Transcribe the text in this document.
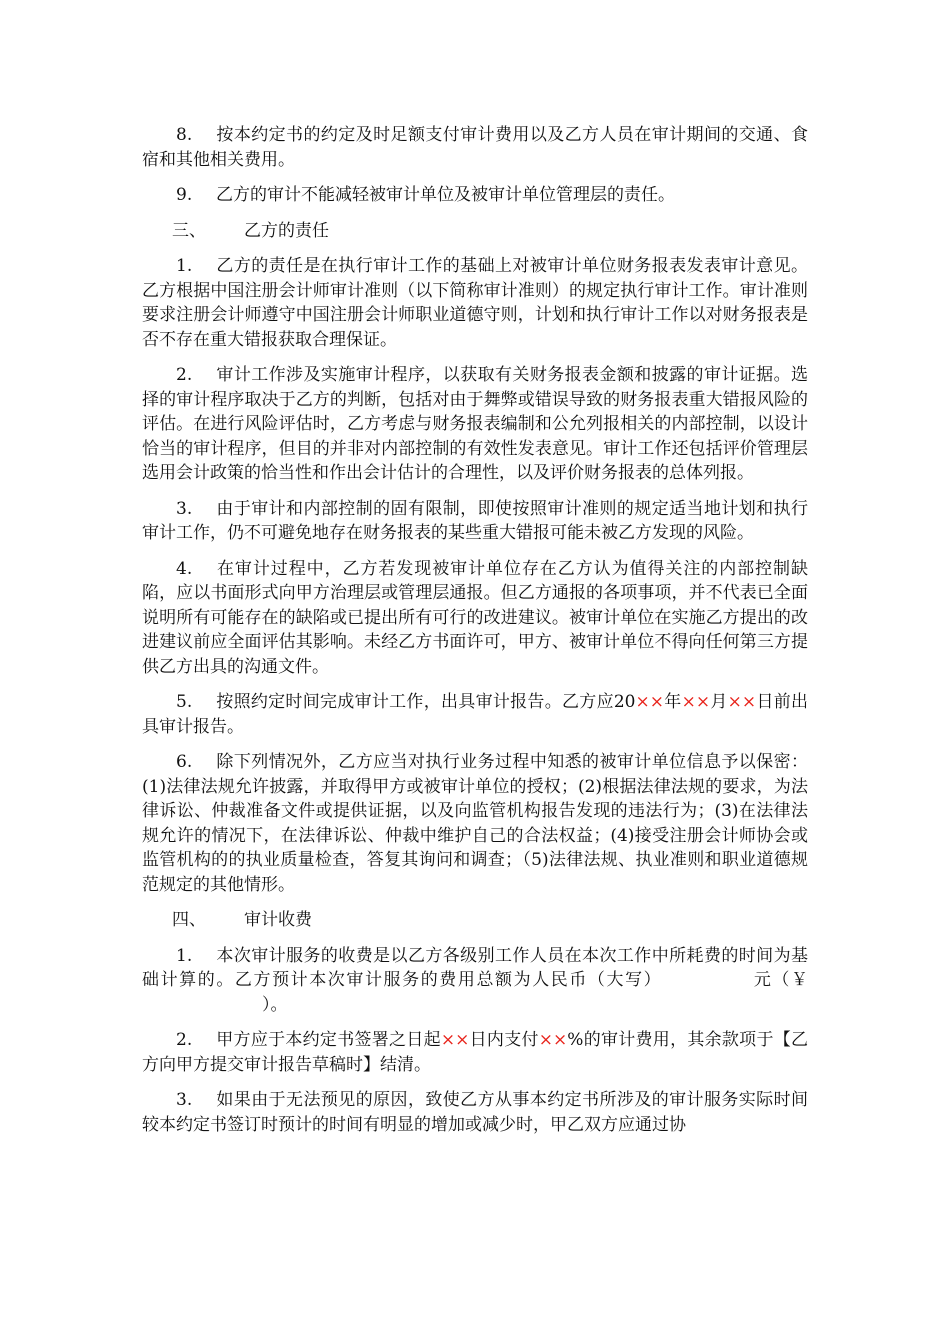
8. 按本约定书的约定及时足额支付审计费用以及乙方人员在审计期间的交通、食宿和其他相关费用。

9. 乙方的审计不能减轻被审计单位及被审计单位管理层的责任。

三、 乙方的责任

1. 乙方的责任是在执行审计工作的基础上对被审计单位财务报表发表审计意见。乙方根据中国注册会计师审计准则（以下简称审计准则）的规定执行审计工作。审计准则要求注册会计师遵守中国注册会计师职业道德守则，计划和执行审计工作以对财务报表是否不存在重大错报获取合理保证。

2. 审计工作涉及实施审计程序，以获取有关财务报表金额和披露的审计证据。选择的审计程序取决于乙方的判断，包括对由于舞弊或错误导致的财务报表重大错报风险的评估。在进行风险评估时，乙方考虑与财务报表编制和公允列报相关的内部控制，以设计恰当的审计程序，但目的并非对内部控制的有效性发表意见。审计工作还包括评价管理层选用会计政策的恰当性和作出会计估计的合理性，以及评价财务报表的总体列报。

3. 由于审计和内部控制的固有限制，即使按照审计准则的规定适当地计划和执行审计工作，仍不可避免地存在财务报表的某些重大错报可能未被乙方发现的风险。

4. 在审计过程中，乙方若发现被审计单位存在乙方认为值得关注的内部控制缺陷，应以书面形式向甲方治理层或管理层通报。但乙方通报的各项事项，并不代表已全面说明所有可能存在的缺陷或已提出所有可行的改进建议。被审计单位在实施乙方提出的改进建议前应全面评估其影响。未经乙方书面许可，甲方、被审计单位不得向任何第三方提供乙方出具的沟通文件。

5. 按照约定时间完成审计工作，出具审计报告。乙方应20××年××月××日前出具审计报告。

6. 除下列情况外，乙方应当对执行业务过程中知悉的被审计单位信息予以保密：(1)法律法规允许披露，并取得甲方或被审计单位的授权；(2)根据法律法规的要求，为法律诉讼、仲裁准备文件或提供证据，以及向监管机构报告发现的违法行为；(3)在法律法规允许的情况下，在法律诉讼、仲裁中维护自己的合法权益；(4)接受注册会计师协会或监管机构的的执业质量检查，答复其询问和调查；（5)法律法规、执业准则和职业道德规范规定的其他情形。

四、 审计收费

1. 本次审计服务的收费是以乙方各级别工作人员在本次工作中所耗费的时间为基础计算的。乙方预计本次审计服务的费用总额为人民币（大写）	元（￥）。

2. 甲方应于本约定书签署之日起××日内支付××%的审计费用，其余款项于【乙方向甲方提交审计报告草稿时】结清。

3. 如果由于无法预见的原因，致使乙方从事本约定书所涉及的审计服务实际时间较本约定书签订时预计的时间有明显的增加或减少时，甲乙双方应通过协
